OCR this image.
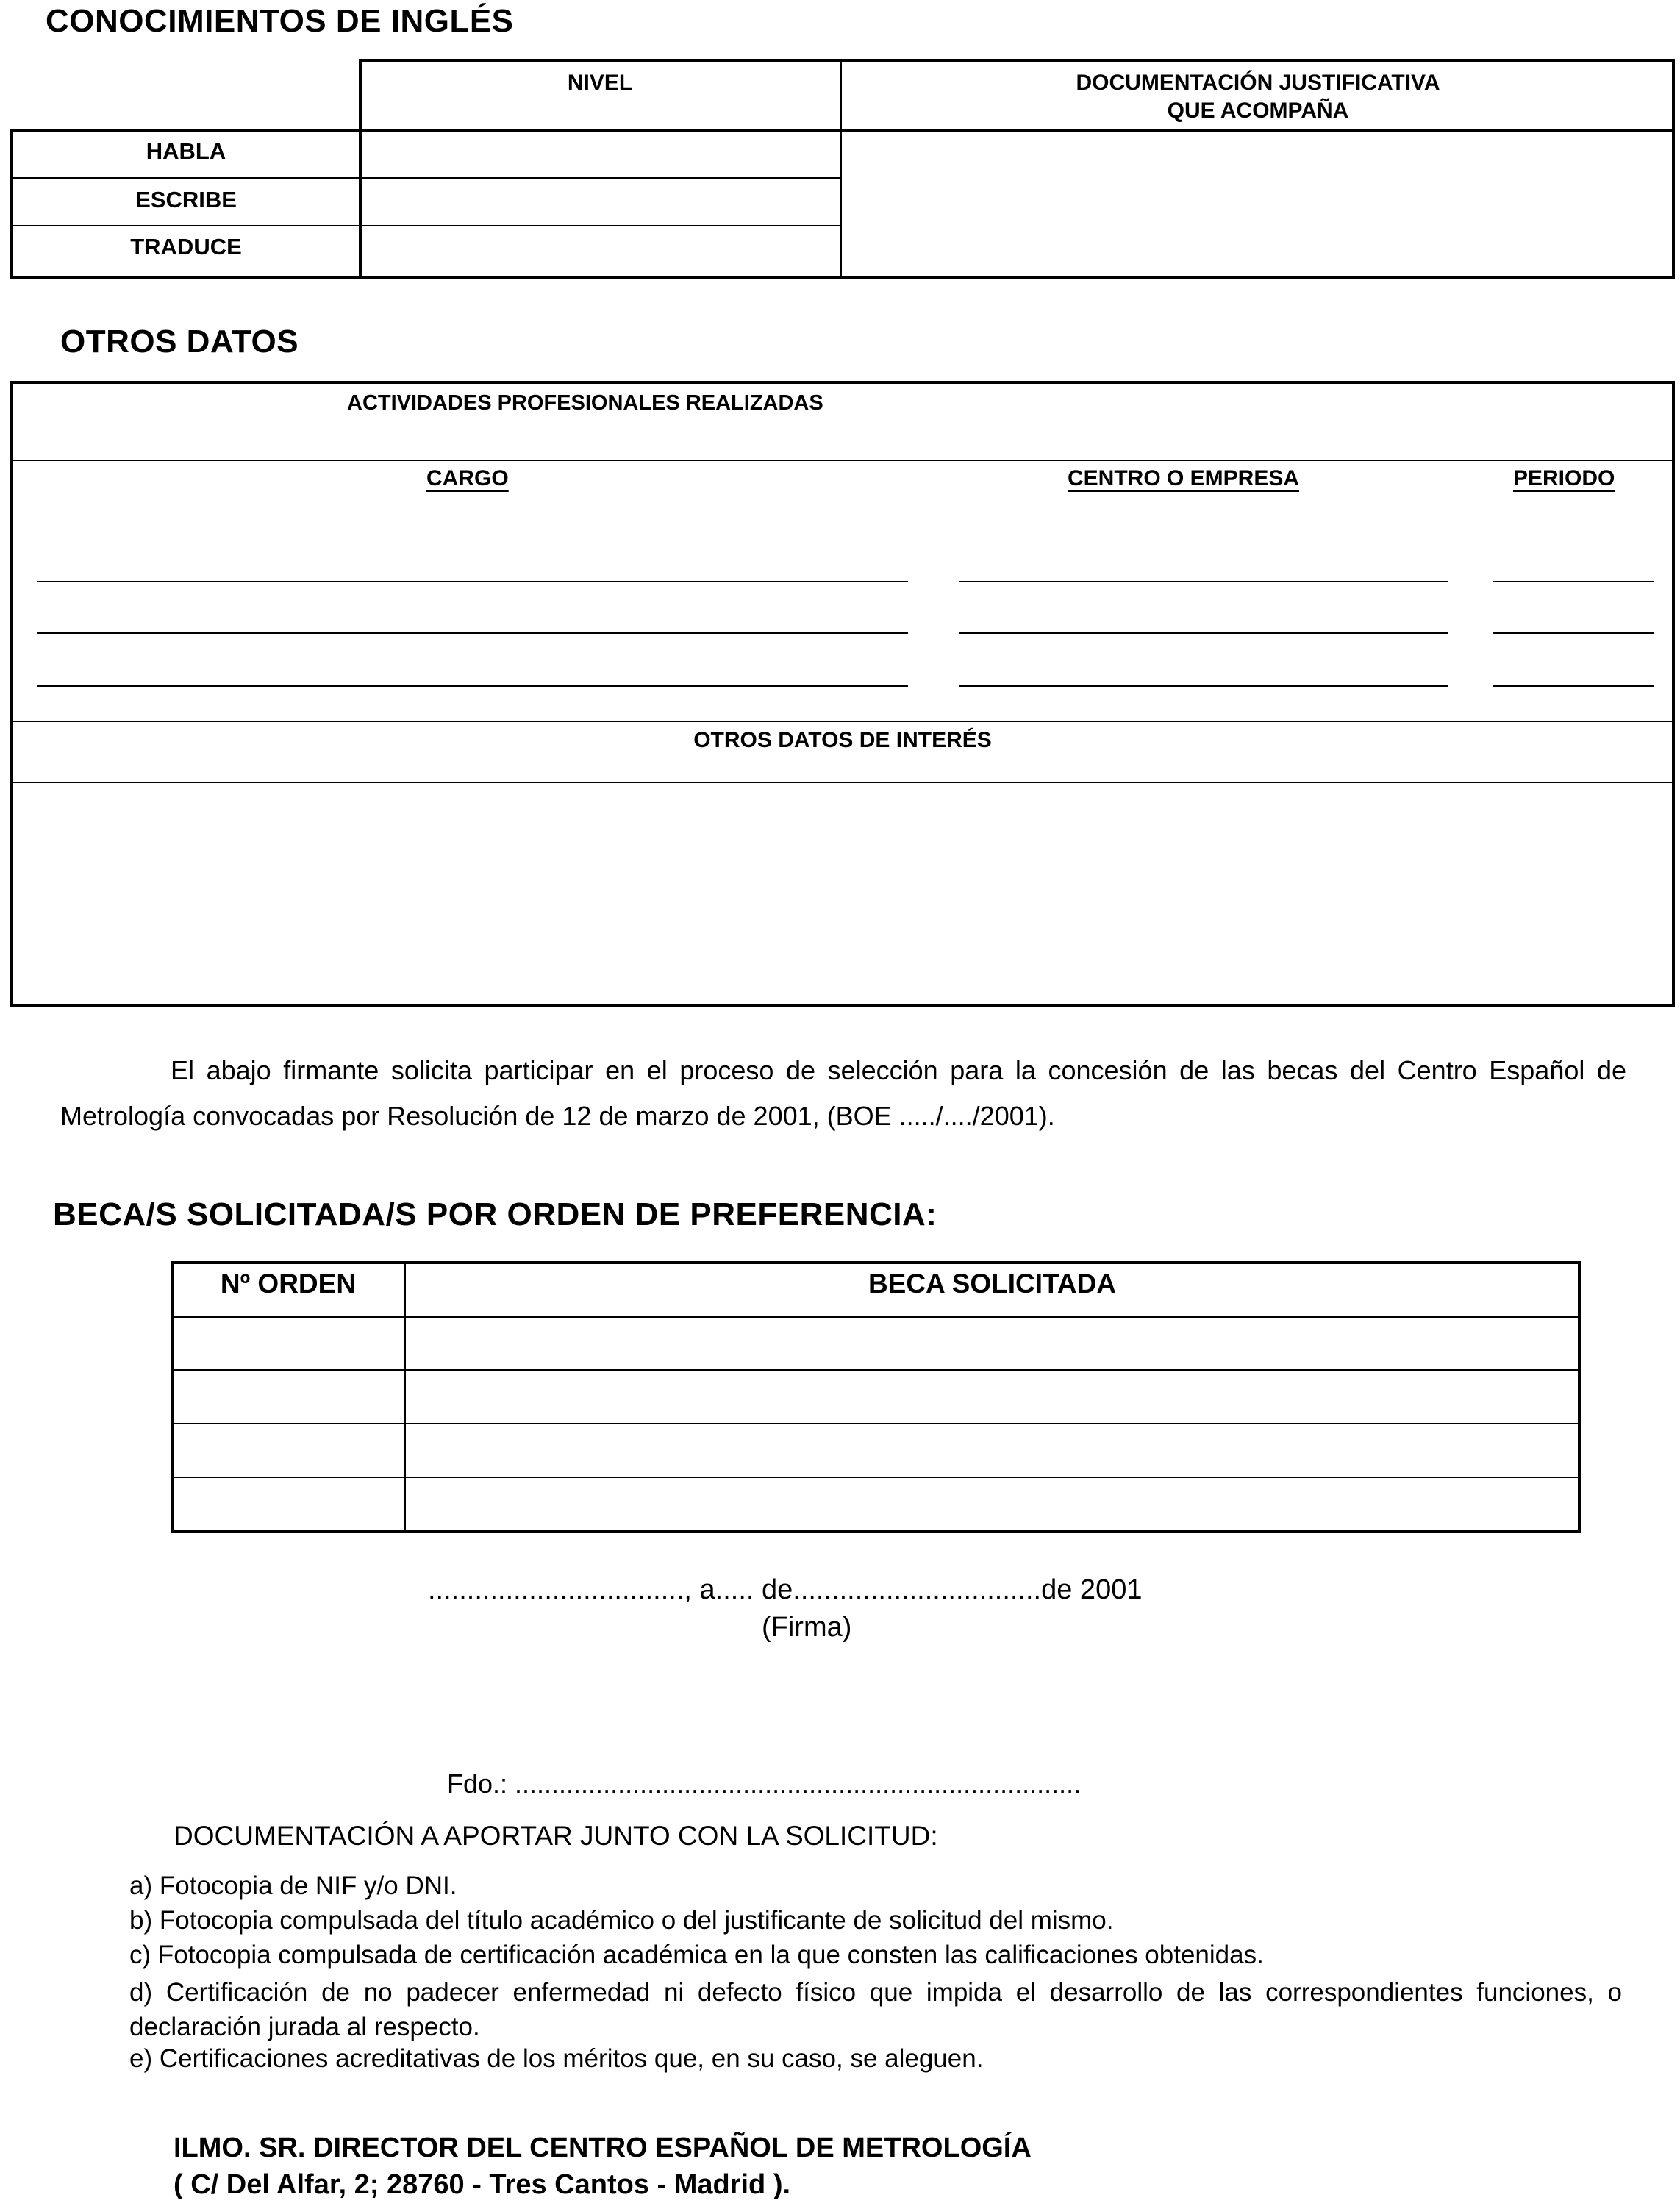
CONOCIMIENTOS DE INGLÉS
NIVEL	DOCUMENTACIÓN JUSTIFICATIVA
QUE ACOMPAÑA
HABLA
ESCRIBE
TRADUCE
OTROS DATOS
ACTIVIDADES PROFESIONALES REALIZADAS
CARGO	CENTRO O EMPRESA	PERIODO
OTROS DATOS DE INTERÉS
El abajo firmante solicita participar en el proceso de selección para la concesión de las becas del Centro Español de Metrología convocadas por Resolución de 12 de marzo de 2001, (BOE ...../..../2001).
BECA/S SOLICITADA/S POR ORDEN DE PREFERENCIA:
Nº ORDEN	BECA SOLICITADA
................................., a..... de................................de 2001
(Firma)
Fdo.: .............................................................................
DOCUMENTACIÓN A APORTAR JUNTO CON LA SOLICITUD:
a) Fotocopia de NIF y/o DNI.
b) Fotocopia compulsada del título académico o del justificante de solicitud del mismo.
c) Fotocopia compulsada de certificación académica en la que consten las calificaciones obtenidas.
d) Certificación de no padecer enfermedad ni defecto físico que impida el desarrollo de las correspondientes funciones, o declaración jurada al respecto.
e) Certificaciones acreditativas de los méritos que, en su caso, se aleguen.
ILMO. SR. DIRECTOR DEL CENTRO ESPAÑOL DE METROLOGÍA
( C/ Del Alfar, 2; 28760 - Tres Cantos - Madrid ).
